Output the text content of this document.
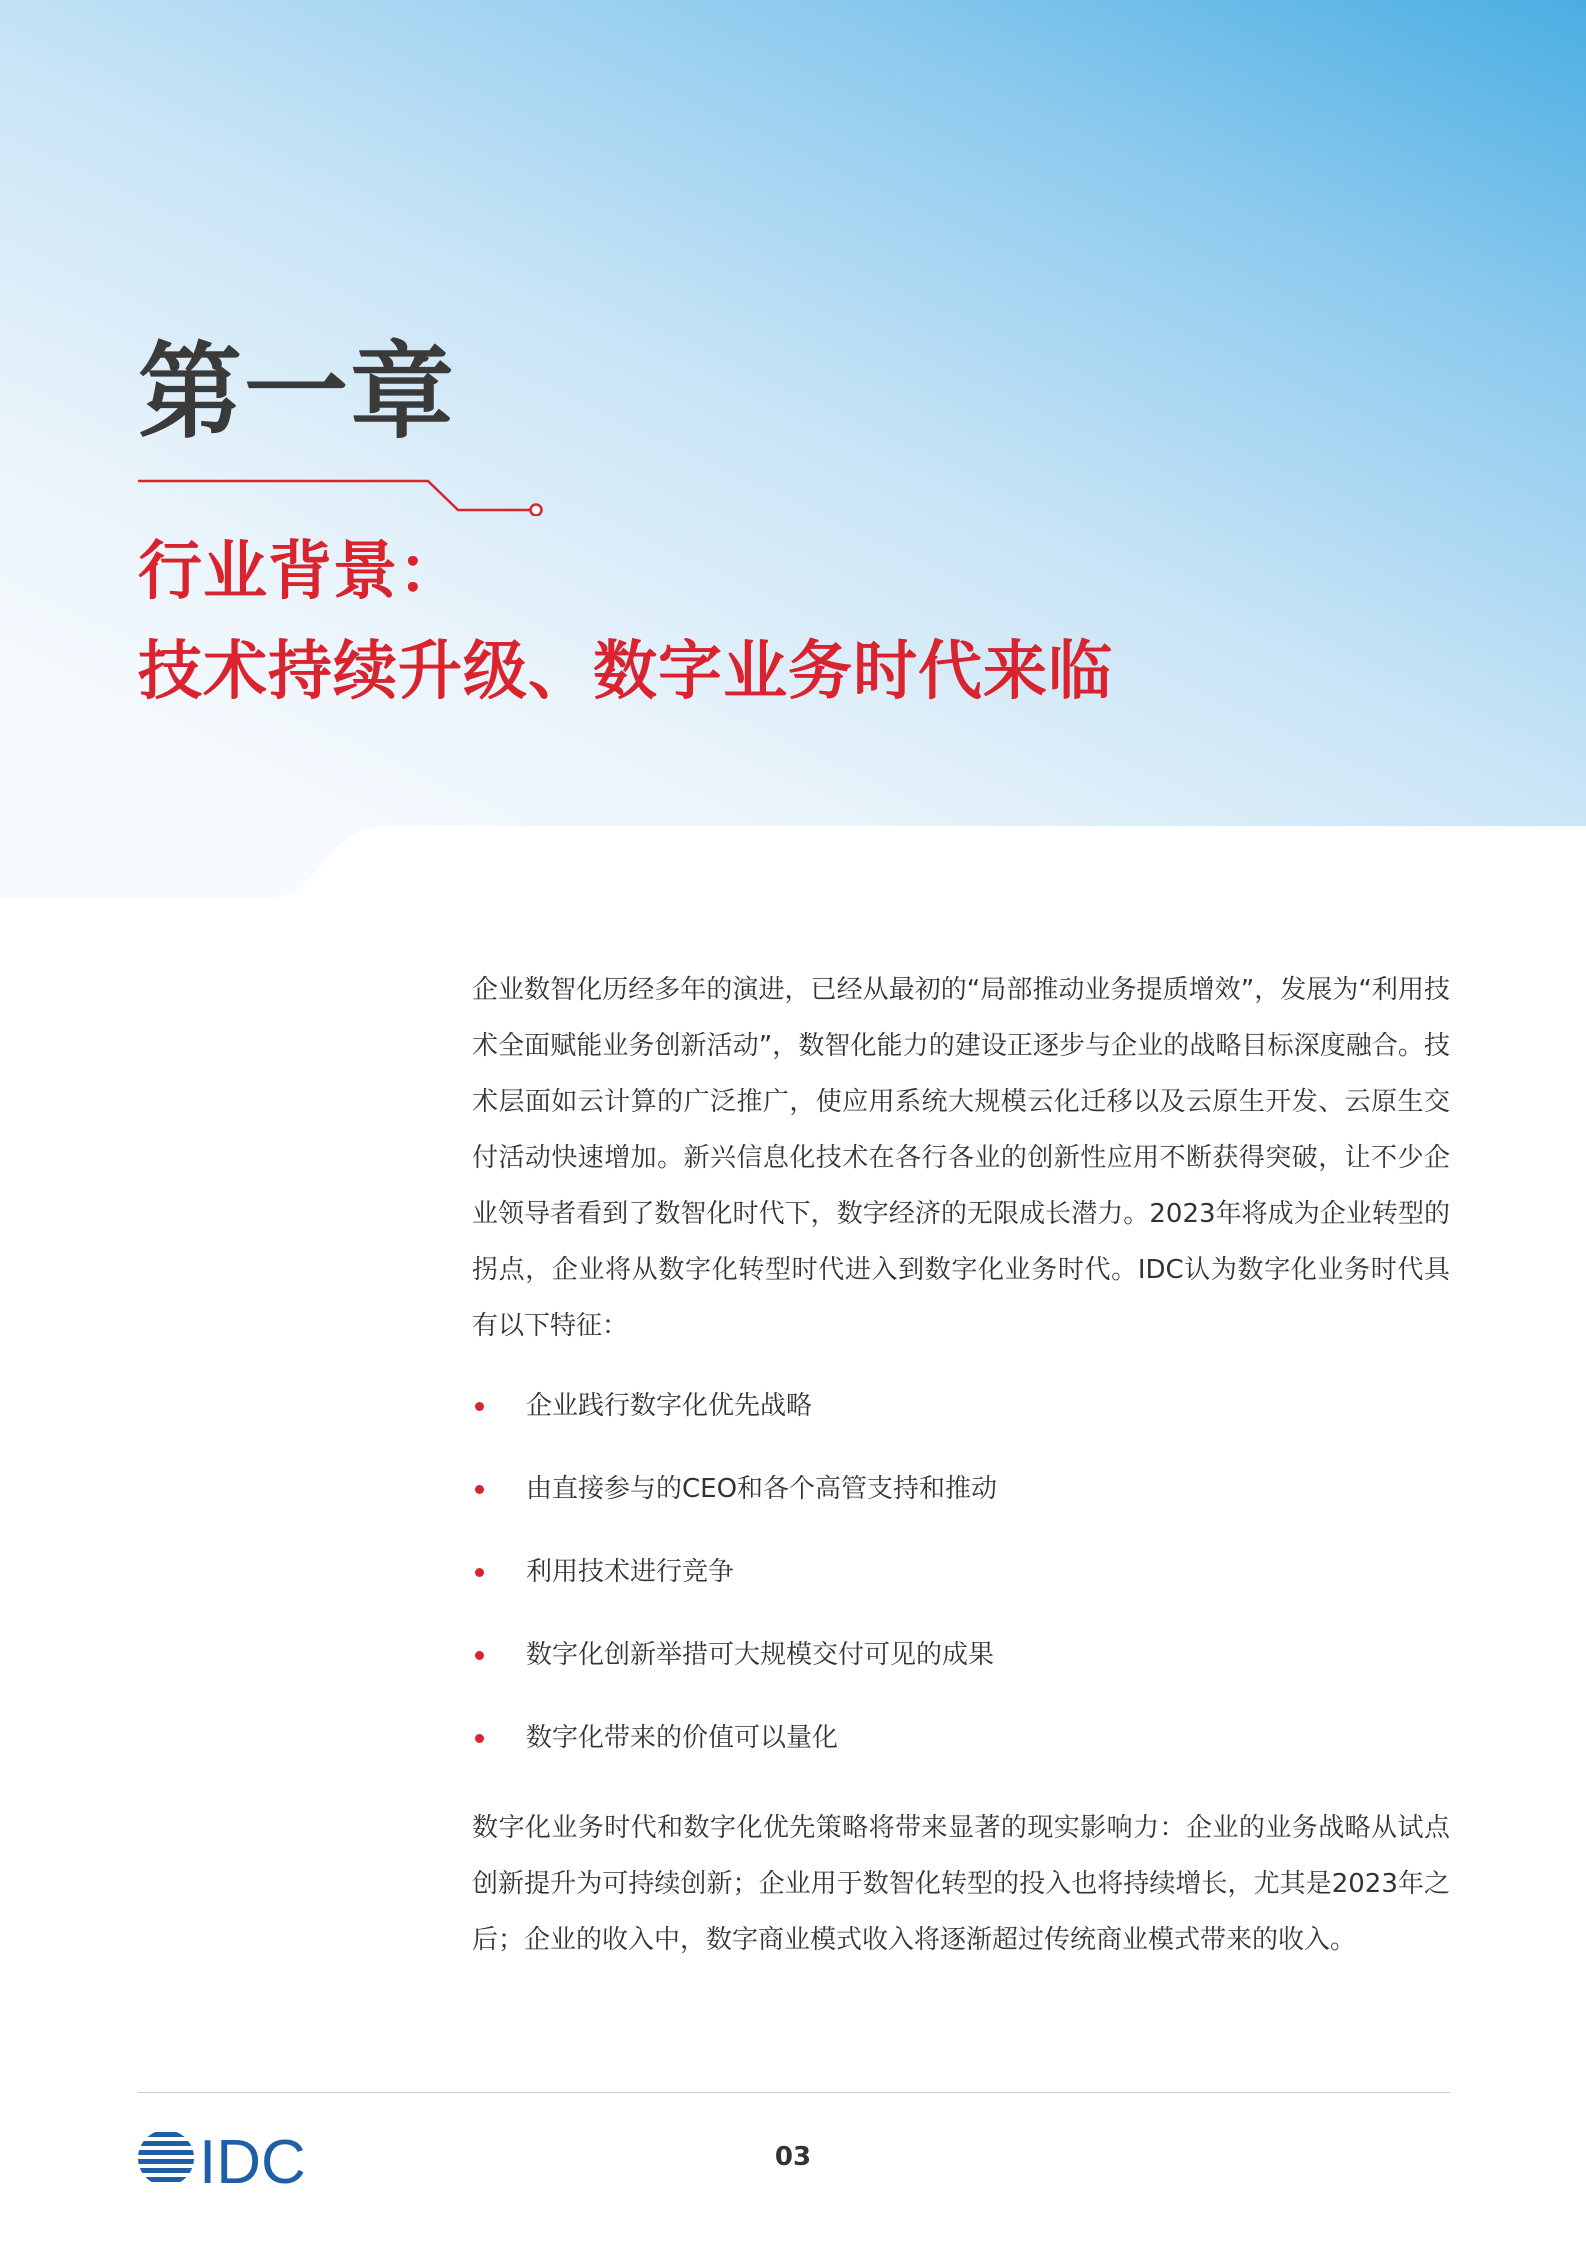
第一章
行业背景：
技术持续升级、数字业务时代来临
企业数智化历经多年的演进，已经从最初的“局部推动业务提质增效”，发展为“利用技术全面赋能业务创新活动”，数智化能力的建设正逐步与企业的战略目标深度融合。技术层面如云计算的广泛推广，使应用系统大规模云化迁移以及云原生开发、云原生交付活动快速增加。新兴信息化技术在各行各业的创新性应用不断获得突破，让不少企业领导者看到了数智化时代下，数字经济的无限成长潜力。2023年将成为企业转型的拐点，企业将从数字化转型时代进入到数字化业务时代。IDC认为数字化业务时代具有以下特征：
企业践行数字化优先战略
由直接参与的CEO和各个高管支持和推动
利用技术进行竞争
数字化创新举措可大规模交付可见的成果
数字化带来的价值可以量化
数字化业务时代和数字化优先策略将带来显著的现实影响力：企业的业务战略从试点创新提升为可持续创新；企业用于数智化转型的投入也将持续增长，尤其是2023年之后；企业的收入中，数字商业模式收入将逐渐超过传统商业模式带来的收入。
IDC	03
